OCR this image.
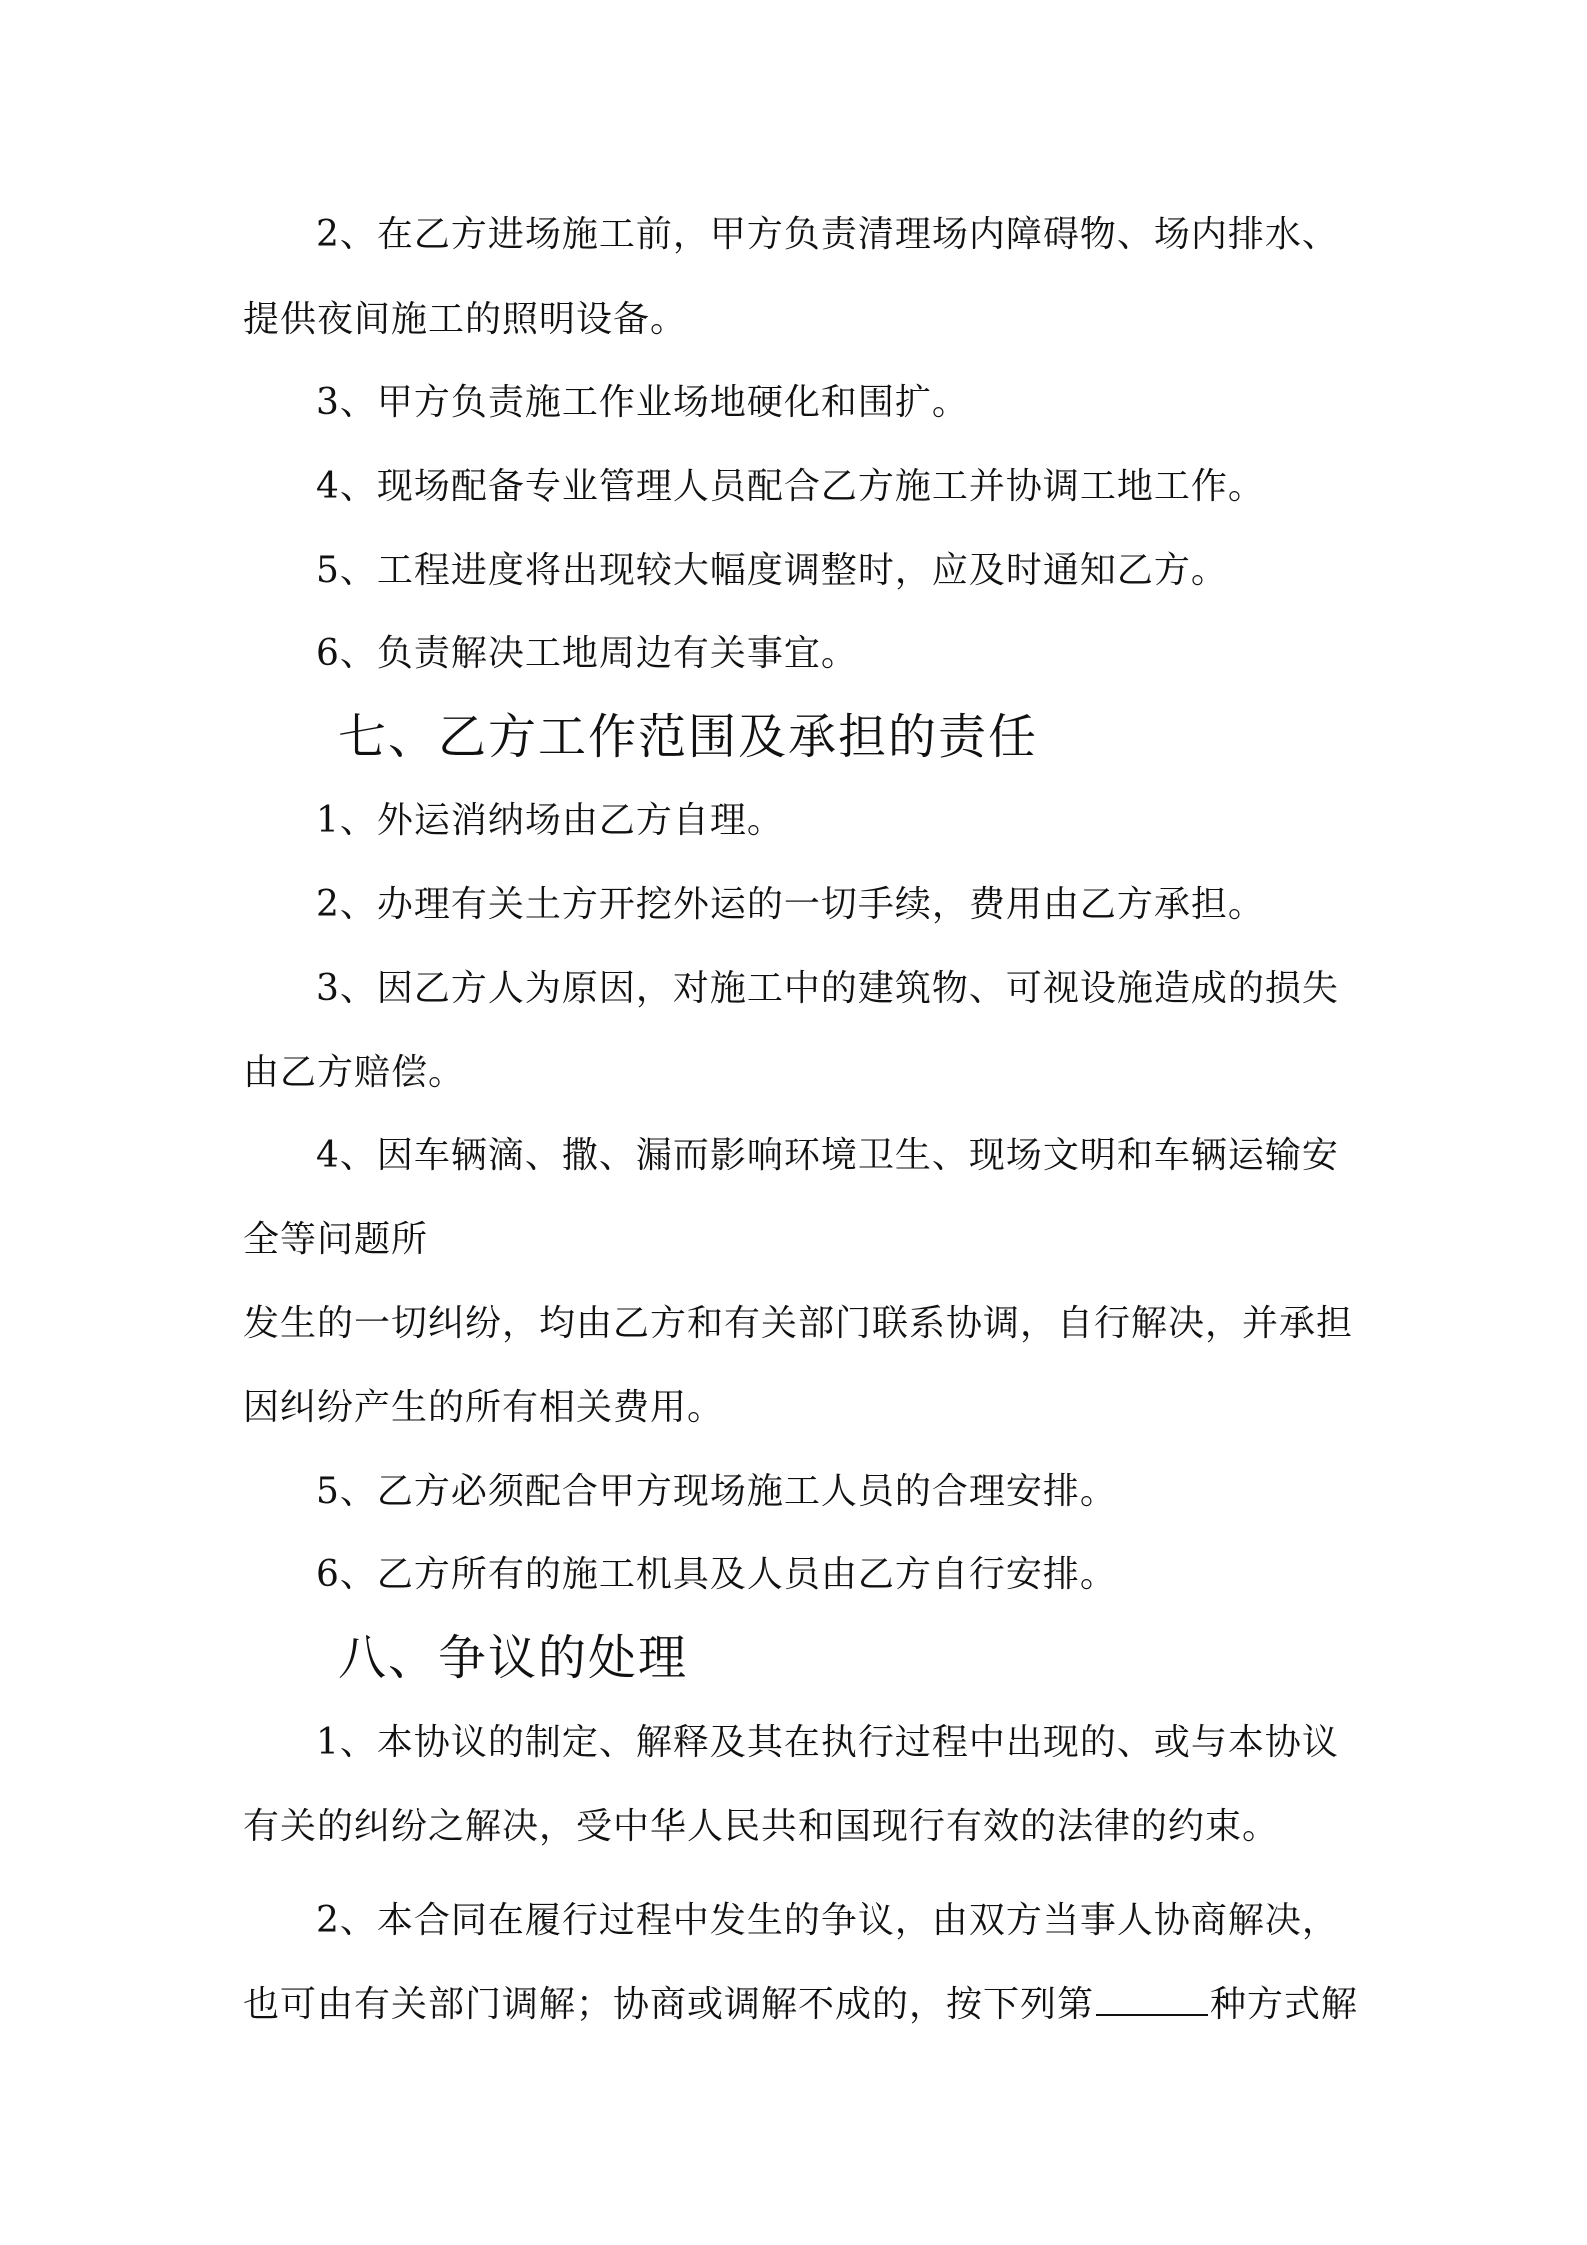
2、在乙方进场施工前，甲方负责清理场内障碍物、场内排水、
提供夜间施工的照明设备。
3、甲方负责施工作业场地硬化和围扩。
4、现场配备专业管理人员配合乙方施工并协调工地工作。
5、工程进度将出现较大幅度调整时，应及时通知乙方。
6、负责解决工地周边有关事宜。
七、乙方工作范围及承担的责任
1、外运消纳场由乙方自理。
2、办理有关土方开挖外运的一切手续，费用由乙方承担。
3、因乙方人为原因，对施工中的建筑物、可视设施造成的损失
由乙方赔偿。
4、因车辆滴、撒、漏而影响环境卫生、现场文明和车辆运输安
全等问题所
发生的一切纠纷，均由乙方和有关部门联系协调，自行解决，并承担
因纠纷产生的所有相关费用。
5、乙方必须配合甲方现场施工人员的合理安排。
6、乙方所有的施工机具及人员由乙方自行安排。
八、争议的处理
1、本协议的制定、解释及其在执行过程中出现的、或与本协议
有关的纠纷之解决，受中华人民共和国现行有效的法律的约束。
2、本合同在履行过程中发生的争议，由双方当事人协商解决，
也可由有关部门调解；协商或调解不成的，按下列第	种方式解
